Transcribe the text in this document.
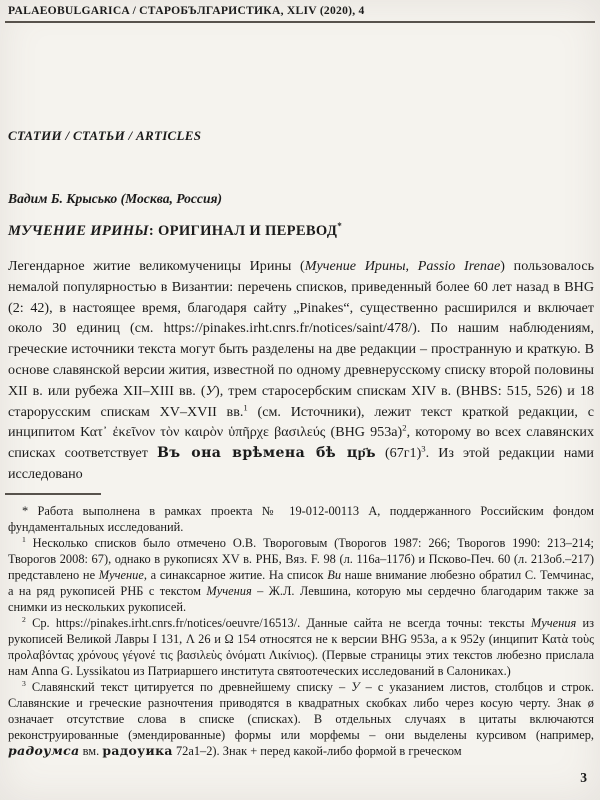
PALAEOBULGARICA / СТАРОБЪЛГАРИСТИКА, XLIV (2020), 4
СТАТИИ / СТАТЬИ / ARTICLES
Вадим Б. Крысько (Москва, Россия)
МУЧЕНИЕ ИРИНЫ: ОРИГИНАЛ И ПЕРЕВОД*
Легендарное житие великомученицы Ирины (Мучение Ирины, Passio Irenae) пользовалось немалой популярностью в Византии: перечень списков, приведенный более 60 лет назад в BHG (2: 42), в настоящее время, благодаря сайту „Pinakes“, существенно расширился и включает около 30 единиц (см. https://pinakes.irht.cnrs.fr/notices/saint/478/). По нашим наблюдениям, греческие источники текста могут быть разделены на две редакции – пространную и краткую. В основе славянской версии жития, известной по одному древнерусскому списку второй половины XII в. или рубежа XII–XIII вв. (У), трем старосербским спискам XIV в. (BHBS: 515, 526) и 18 старорусским спискам XV–XVII вв.$^1$ (см. Источники), лежит текст краткой редакции, с инципитом Κατ᾽ ἐκεῖνον τὸν καιρὸν ὑπῆρχε βασιλεύς (BHG 953a)$^2$, которому во всех славянских списках соответствует Въ она врѣмена бѣ цр҃ь $(67г1)^3$. Из этой редакции нами исследовано

* Работа выполнена в рамках проекта № 19-012-00113 А, поддержанного Российским фондом фундаментальных исследований.

$^1$ Несколько списков было отмечено О.В. Твороговым (Творогов 1987: 266; Творогов 1990: 213–214; Творогов 2008: 67), однако в рукописях XV в. РНБ, Вяз. F. 98 (л. 116а–117б) и Псково-Печ. 60 (л. 213об.–217) представлено не Мучение, а синаксарное житие. На список Ви наше внимание любезно обратил С. Темчинас, а на ряд рукописей РНБ с текстом Мучения – Ж.Л. Левшина, которую мы сердечно благодарим также за снимки из нескольких рукописей.

$^2$ Ср. https://pinakes.irht.cnrs.fr/notices/oeuvre/16513/. Данные сайта не всегда точны: тексты Мучения из рукописей Великой Лавры I 131, Λ 26 и Ω 154 относятся не к версии BHG 953a, а к 952y (инципит Κατὰ τοὺς προλαβόντας χρόνους γέγονέ τις βασιλεὺς ὀνόματι Λικίνιος). (Первые страницы этих текстов любезно прислала нам Anna G. Lyssikatou из Патриаршего института святоотеческих исследований в Салониках.)

$^3$ Славянский текст цитируется по древнейшему списку – У – с указанием листов, столбцов и строк. Славянские и греческие разночтения приводятся в квадратных скобках либо через косую черту. Знак ø означает отсутствие слова в списке (списках). В отдельных случаях в цитаты включаются реконструированные (эмендированные) формы или морфемы – они выделены курсивом (например, радоумса вм. радоуика 72а1–2). Знак + перед какой-либо формой в греческом

3
